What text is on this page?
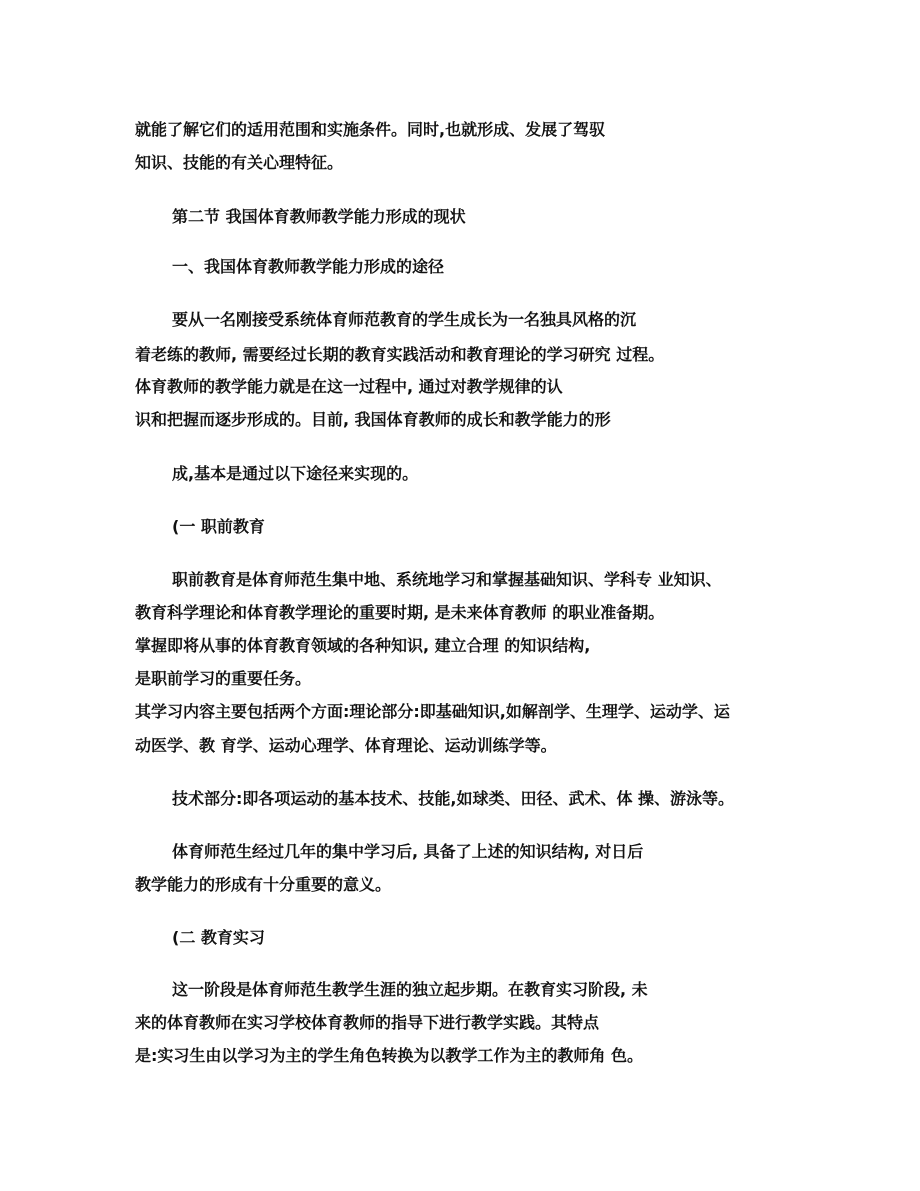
就能了解它们的适用范围和实施条件。同时,也就形成、发展了驾驭

知识、技能的有关心理特征。

第二节 我国体育教师教学能力形成的现状

一、我国体育教师教学能力形成的途径

要从一名刚接受系统体育师范教育的学生成长为一名独具风格的沉

着老练的教师, 需要经过长期的教育实践活动和教育理论的学习研究 过程。

体育教师的教学能力就是在这一过程中, 通过对教学规律的认

识和把握而逐步形成的。目前, 我国体育教师的成长和教学能力的形

成,基本是通过以下途径来实现的。

(一 职前教育

职前教育是体育师范生集中地、系统地学习和掌握基础知识、学科专 业知识、

教育科学理论和体育教学理论的重要时期, 是未来体育教师 的职业准备期。

掌握即将从事的体育教育领域的各种知识, 建立合理 的知识结构,

是职前学习的重要任务。

其学习内容主要包括两个方面:理论部分:即基础知识,如解剖学、生理学、运动学、运

动医学、教 育学、运动心理学、体育理论、运动训练学等。

技术部分:即各项运动的基本技术、技能,如球类、田径、武术、体 操、游泳等。

体育师范生经过几年的集中学习后, 具备了上述的知识结构, 对日后

教学能力的形成有十分重要的意义。

(二 教育实习

这一阶段是体育师范生教学生涯的独立起步期。在教育实习阶段, 未

来的体育教师在实习学校体育教师的指导下进行教学实践。其特点

是:实习生由以学习为主的学生角色转换为以教学工作为主的教师角 色。
